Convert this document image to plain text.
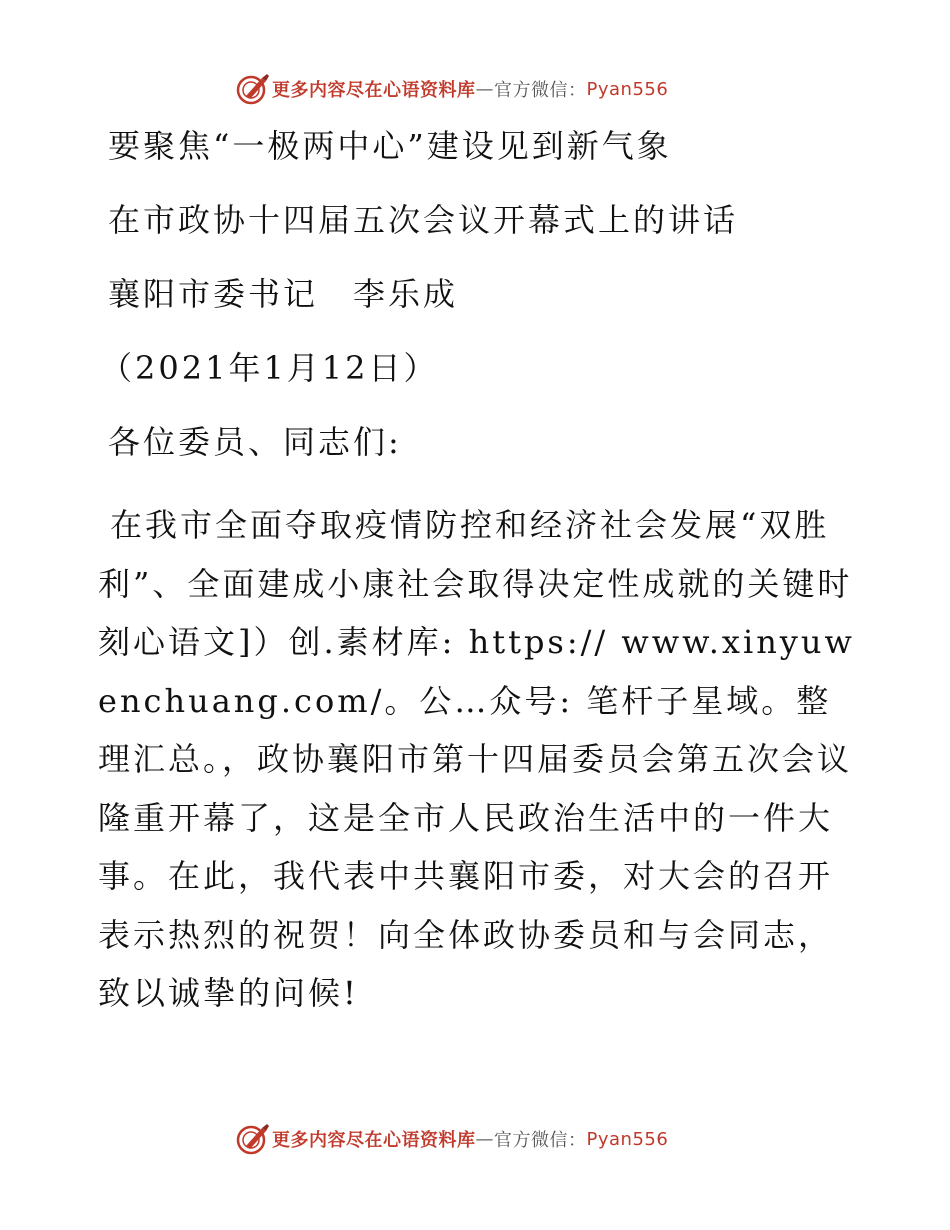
更多内容尽在心语资料库 — 官方微信： Pyan556
要聚焦“一极两中心”建设见到新气象
在市政协十四届五次会议开幕式上的讲话
襄阳市委书记　李乐成
（2021年1月12日）
各位委员、同志们:
在我市全面夺取疫情防控和经济社会发展“双胜利”、全面建成小康社会取得决定性成就的关键时刻心语文]）创.素材库: https:// www.xinyuwenchuang.com/。公…众号: 笔杆子星域。整理汇总。，政协襄阳市第十四届委员会第五次会议隆重开幕了，这是全市人民政治生活中的一件大事。在此，我代表中共襄阳市委，对大会的召开表示热烈的祝贺！向全体政协委员和与会同志，致以诚挚的问候!
更多内容尽在心语资料库 — 官方微信： Pyan556
